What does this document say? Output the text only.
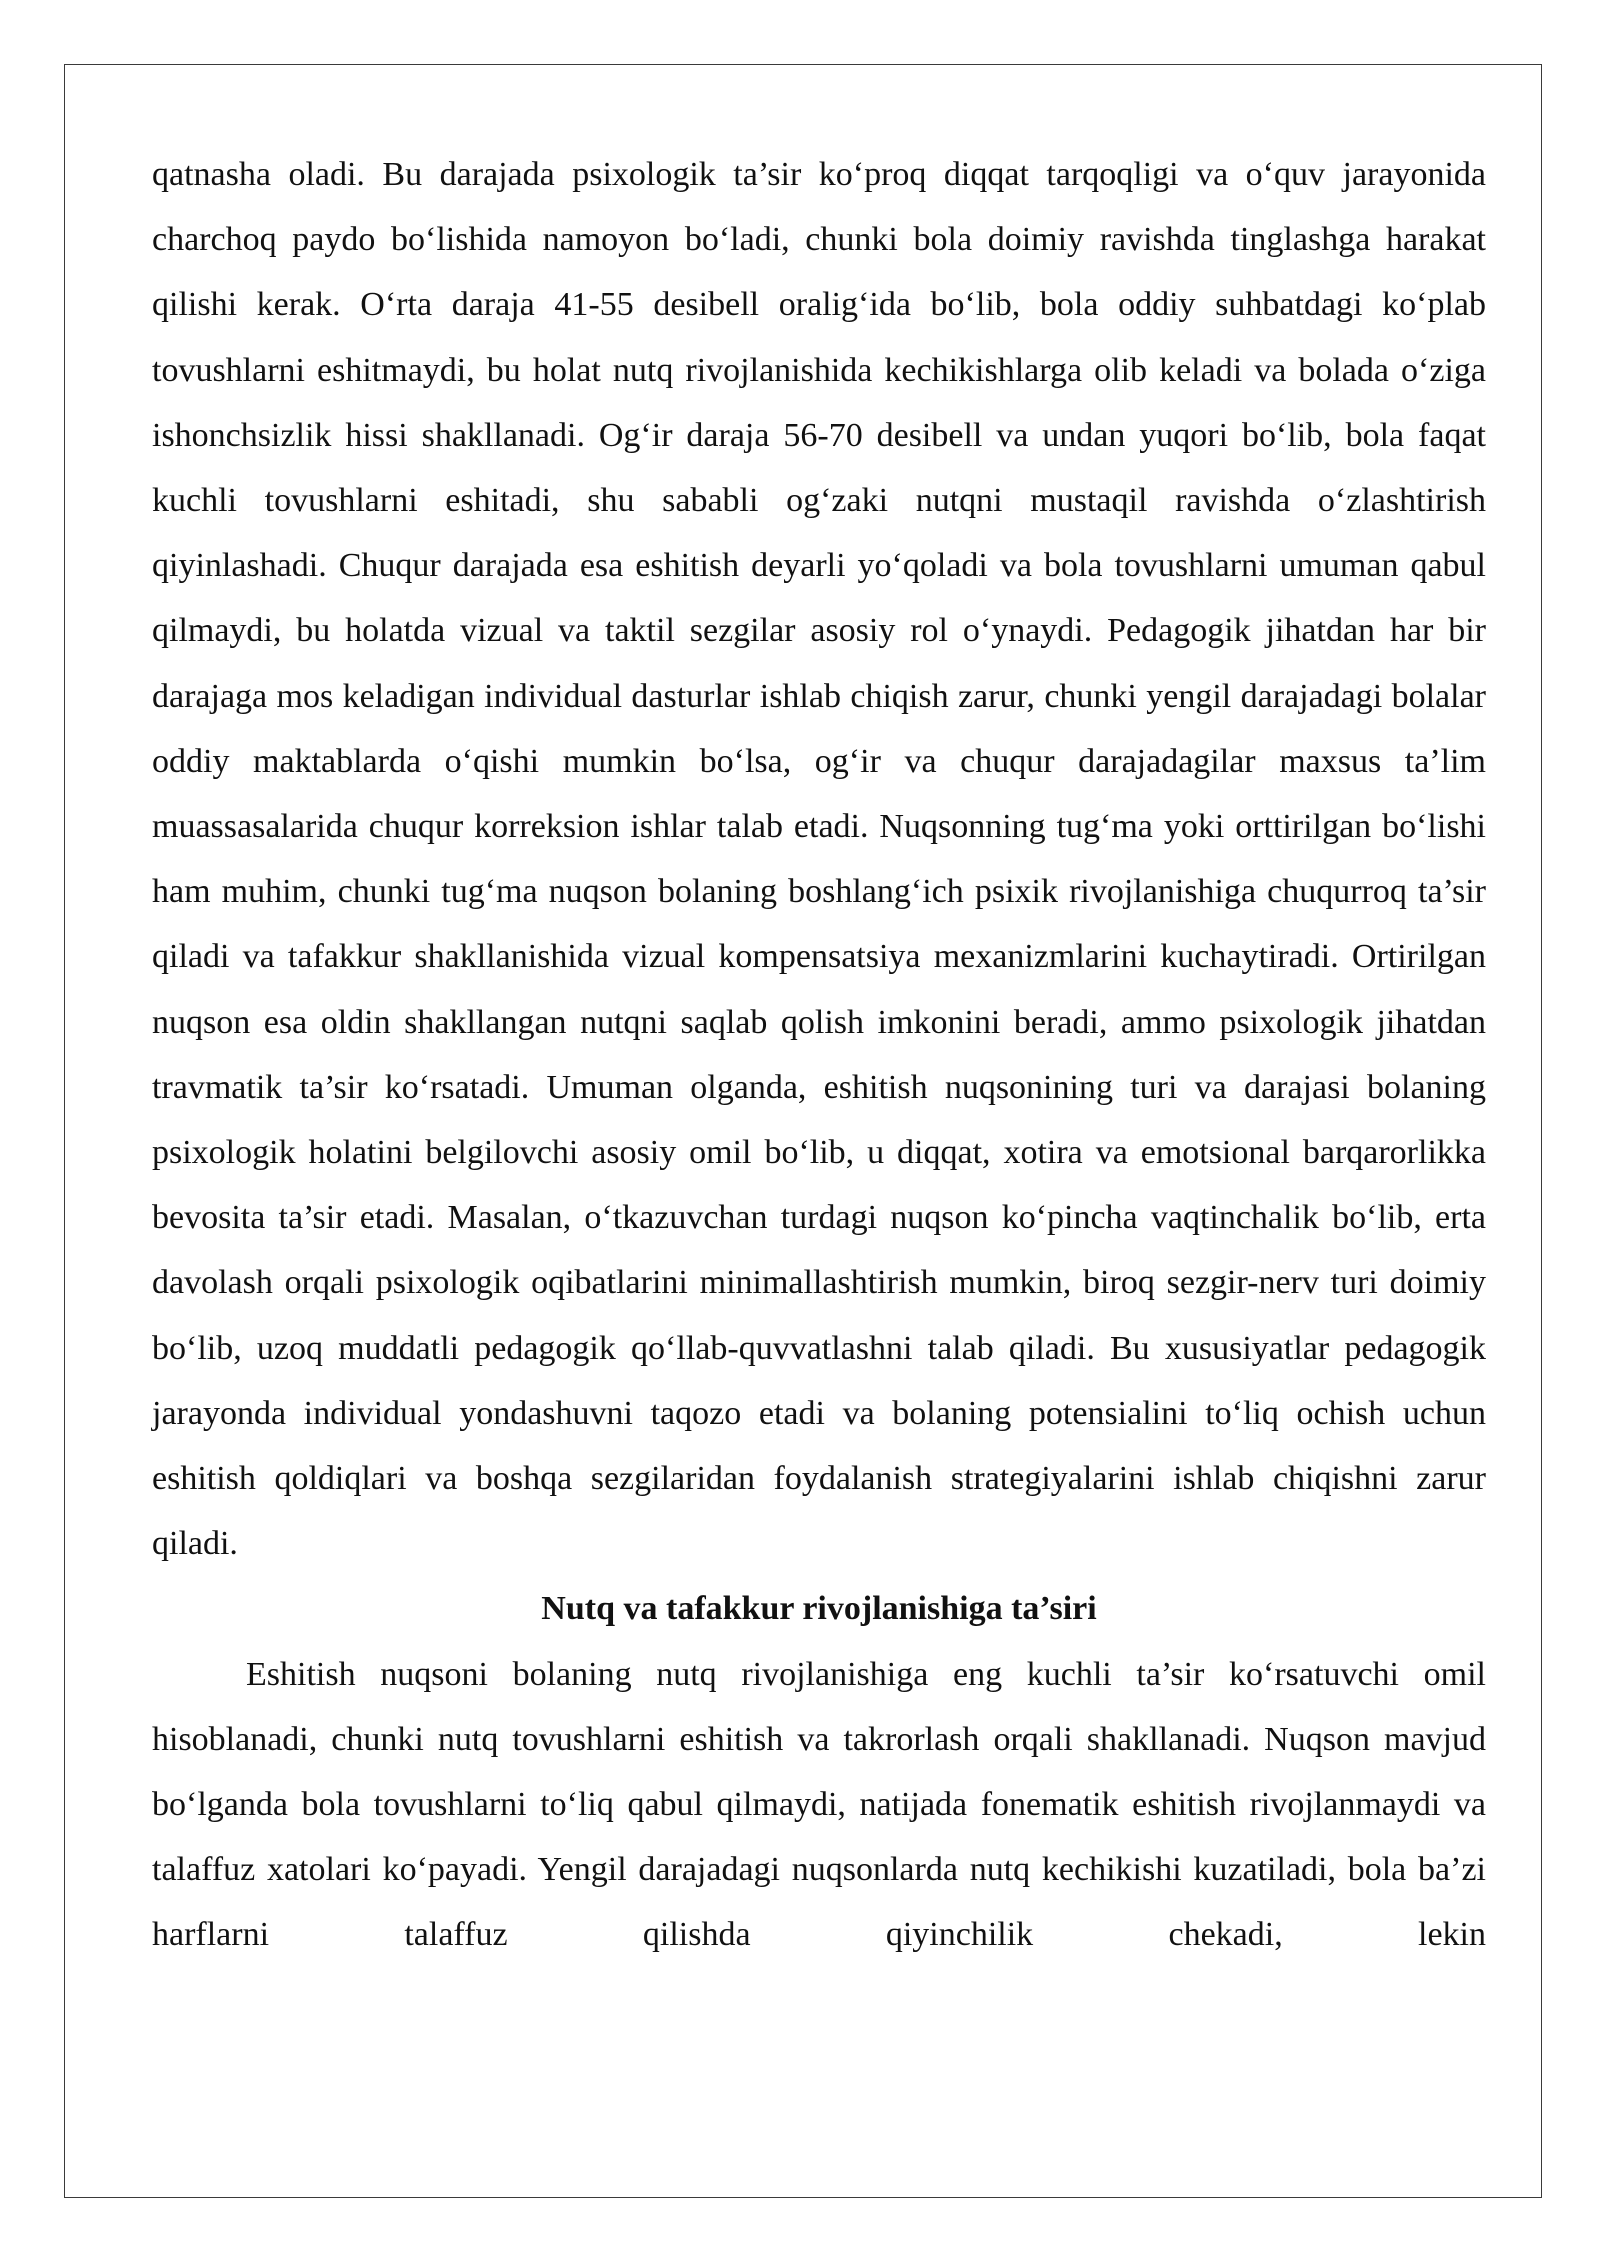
qatnasha oladi. Bu darajada psixologik ta’sir ko‘proq diqqat tarqoqligi va o‘quv jarayonida charchoq paydo bo‘lishida namoyon bo‘ladi, chunki bola doimiy ravishda tinglashga harakat qilishi kerak. O‘rta daraja 41-55 desibell oralig‘ida bo‘lib, bola oddiy suhbatdagi ko‘plab tovushlarni eshitmaydi, bu holat nutq rivojlanishida kechikishlarga olib keladi va bolada o‘ziga ishonchsizlik hissi shakllanadi. Og‘ir daraja 56-70 desibell va undan yuqori bo‘lib, bola faqat kuchli tovushlarni eshitadi, shu sababli og‘zaki nutqni mustaqil ravishda o‘zlashtirish qiyinlashadi. Chuqur darajada esa eshitish deyarli yo‘qoladi va bola tovushlarni umuman qabul qilmaydi, bu holatda vizual va taktil sezgilar asosiy rol o‘ynaydi. Pedagogik jihatdan har bir darajaga mos keladigan individual dasturlar ishlab chiqish zarur, chunki yengil darajadagi bolalar oddiy maktablarda o‘qishi mumkin bo‘lsa, og‘ir va chuqur darajadagilar maxsus ta’lim muassasalarida chuqur korreksion ishlar talab etadi. Nuqsonning tug‘ma yoki orttirilgan bo‘lishi ham muhim, chunki tug‘ma nuqson bolaning boshlang‘ich psixik rivojlanishiga chuqurroq ta’sir qiladi va tafakkur shakllanishida vizual kompensatsiya mexanizmlarini kuchaytiradi. Ortirilgan nuqson esa oldin shakllangan nutqni saqlab qolish imkonini beradi, ammo psixologik jihatdan travmatik ta’sir ko‘rsatadi. Umuman olganda, eshitish nuqsonining turi va darajasi bolaning psixologik holatini belgilovchi asosiy omil bo‘lib, u diqqat, xotira va emotsional barqarorlikka bevosita ta’sir etadi. Masalan, o‘tkazuvchan turdagi nuqson ko‘pincha vaqtinchalik bo‘lib, erta davolash orqali psixologik oqibatlarini minimallashtirish mumkin, biroq sezgir-nerv turi doimiy bo‘lib, uzoq muddatli pedagogik qo‘llab-quvvatlashni talab qiladi. Bu xususiyatlar pedagogik jarayonda individual yondashuvni taqozo etadi va bolaning potensialini to‘liq ochish uchun eshitish qoldiqlari va boshqa sezgilaridan foydalanish strategiyalarini ishlab chiqishni zarur qiladi.

Nutq va tafakkur rivojlanishiga ta’siri

Eshitish nuqsoni bolaning nutq rivojlanishiga eng kuchli ta’sir ko‘rsatuvchi omil hisoblanadi, chunki nutq tovushlarni eshitish va takrorlash orqali shakllanadi. Nuqson mavjud bo‘lganda bola tovushlarni to‘liq qabul qilmaydi, natijada fonematik eshitish rivojlanmaydi va talaffuz xatolari ko‘payadi. Yengil darajadagi nuqsonlarda nutq kechikishi kuzatiladi, bola ba’zi harflarni talaffuz qilishda qiyinchilik chekadi, lekin
